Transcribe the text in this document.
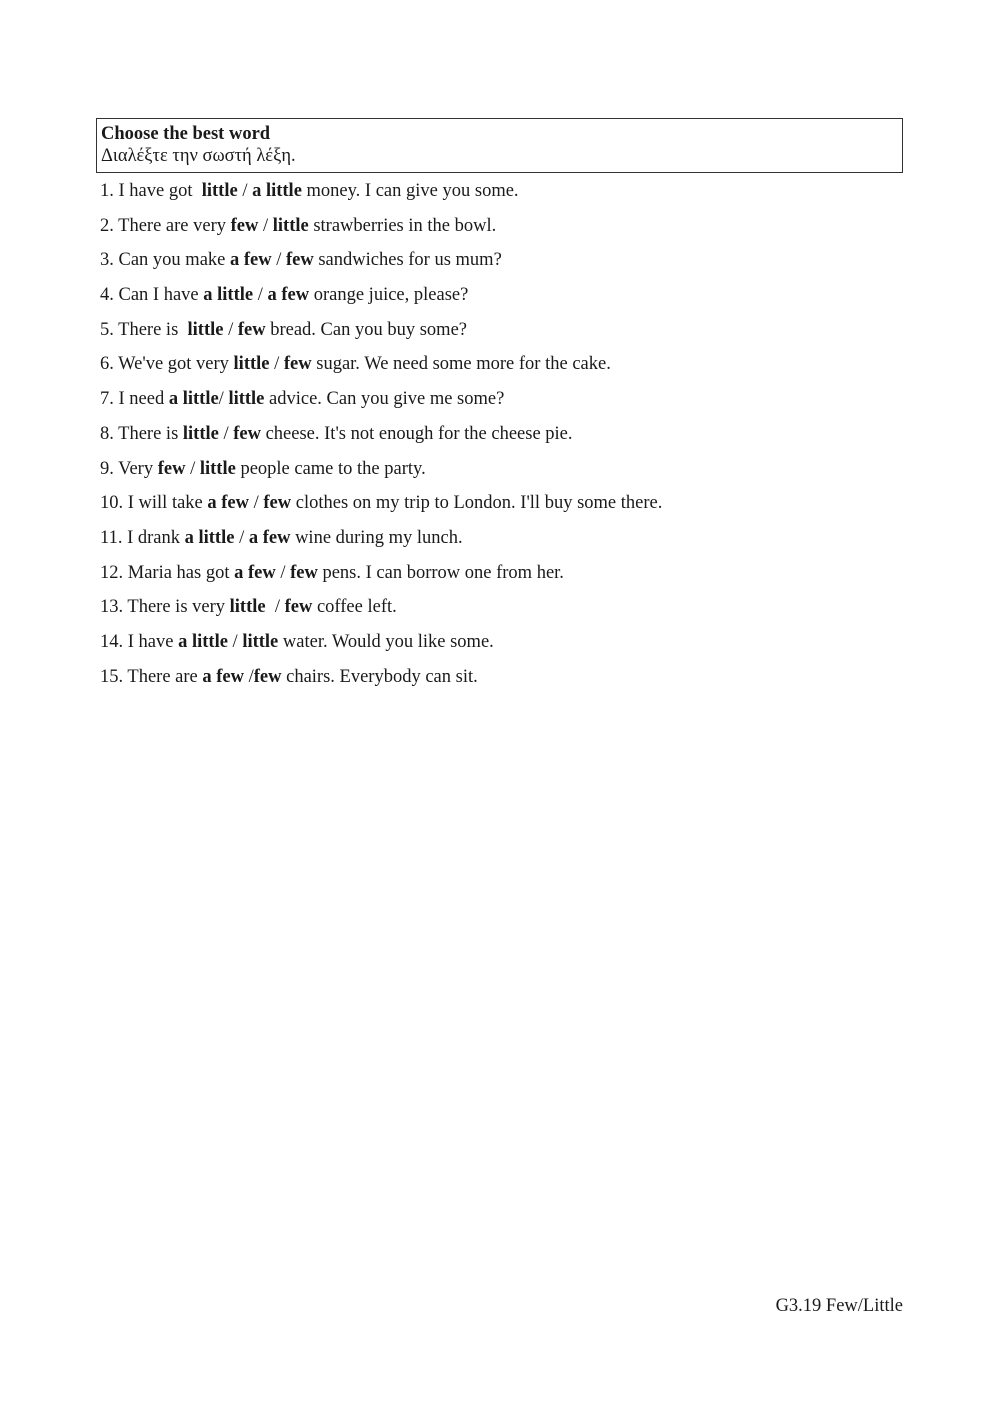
Choose the best word

Διαλέξτε την σωστή λέξη.

1. I have got  little / a little money. I can give you some.
2. There are very few / little strawberries in the bowl.
3. Can you make a few / few sandwiches for us mum?
4. Can I have a little / a few orange juice, please?
5. There is  little / few bread. Can you buy some?
6. We've got very little / few sugar. We need some more for the cake.
7. I need a little/ little advice. Can you give me some?
8. There is little / few cheese. It's not enough for the cheese pie.
9. Very few / little people came to the party.
10. I will take a few / few clothes on my trip to London. I'll buy some there.
11. I drank a little / a few wine during my lunch.
12. Maria has got a few / few pens. I can borrow one from her.
13. There is very little  / few coffee left.
14. I have a little / little water. Would you like some.
15. There are a few /few chairs. Everybody can sit.
G3.19 Few/Little
